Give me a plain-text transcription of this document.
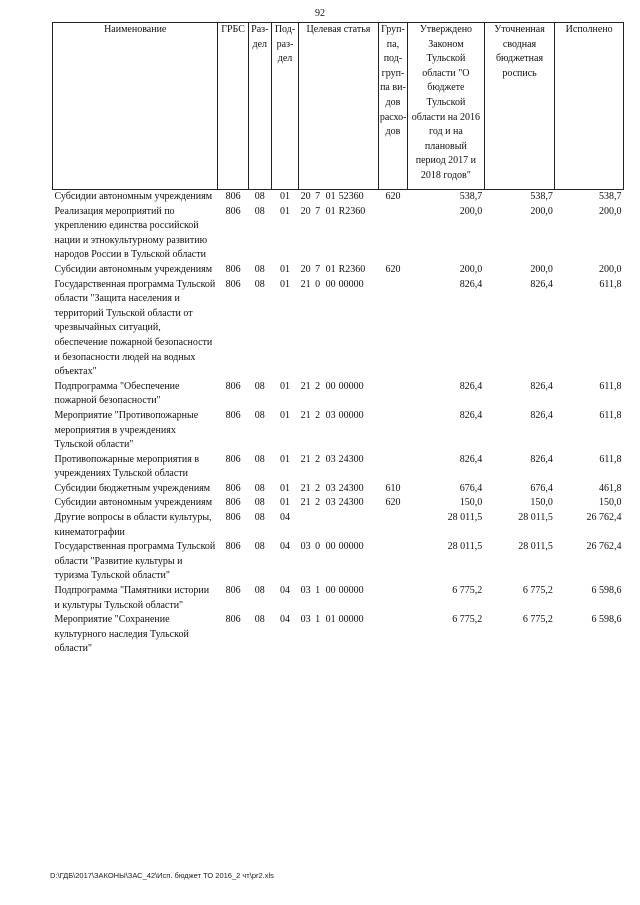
92
Наименование	ГРБС	Раз- дел	Под- раз- дел	Целевая статья	Груп- па, под- груп- па ви- дов расхо- дов	Утверждено Законом Тульской области "О бюджете Тульской области на 2016 год и на плановый период 2017 и 2018 годов"	Уточненная сводная бюджетная роспись	Исполнено
Субсидии автономным учреждениям	806	08	01	20 7 01 52360	620	538,7	538,7	538,7
Реализация мероприятий по укреплению единства российской нации и этнокультурному развитию народов России в Тульской области	806	08	01	20 7 01 R2360		200,0	200,0	200,0
Субсидии автономным учреждениям	806	08	01	20 7 01 R2360	620	200,0	200,0	200,0
Государственная программа Тульской области "Защита населения и территорий Тульской области от чрезвычайных ситуаций, обеспечение пожарной безопасности и безопасности людей на водных объектах"	806	08	01	21 0 00 00000		826,4	826,4	611,8
Подпрограмма "Обеспечение пожарной безопасности"	806	08	01	21 2 00 00000		826,4	826,4	611,8
Мероприятие "Противопожарные мероприятия в учреждениях Тульской области"	806	08	01	21 2 03 00000		826,4	826,4	611,8
Противопожарные мероприятия в учреждениях Тульской области	806	08	01	21 2 03 24300		826,4	826,4	611,8
Субсидии бюджетным учреждениям	806	08	01	21 2 03 24300	610	676,4	676,4	461,8
Субсидии автономным учреждениям	806	08	01	21 2 03 24300	620	150,0	150,0	150,0
Другие вопросы в области культуры, кинематографии	806	08	04			28 011,5	28 011,5	26 762,4
Государственная программа Тульской области "Развитие культуры и туризма Тульской области"	806	08	04	03 0 00 00000		28 011,5	28 011,5	26 762,4
Подпрограмма "Памятники истории и культуры Тульской области"	806	08	04	03 1 00 00000		6 775,2	6 775,2	6 598,6
Мероприятие "Сохранение культурного наследия Тульской области"	806	08	04	03 1 01 00000		6 775,2	6 775,2	6 598,6
D:\ГДБ\2017\ЗАКОНЫ\ЗАС_42\Исп. бюджет ТО 2016_2 чт\pr2.xls
